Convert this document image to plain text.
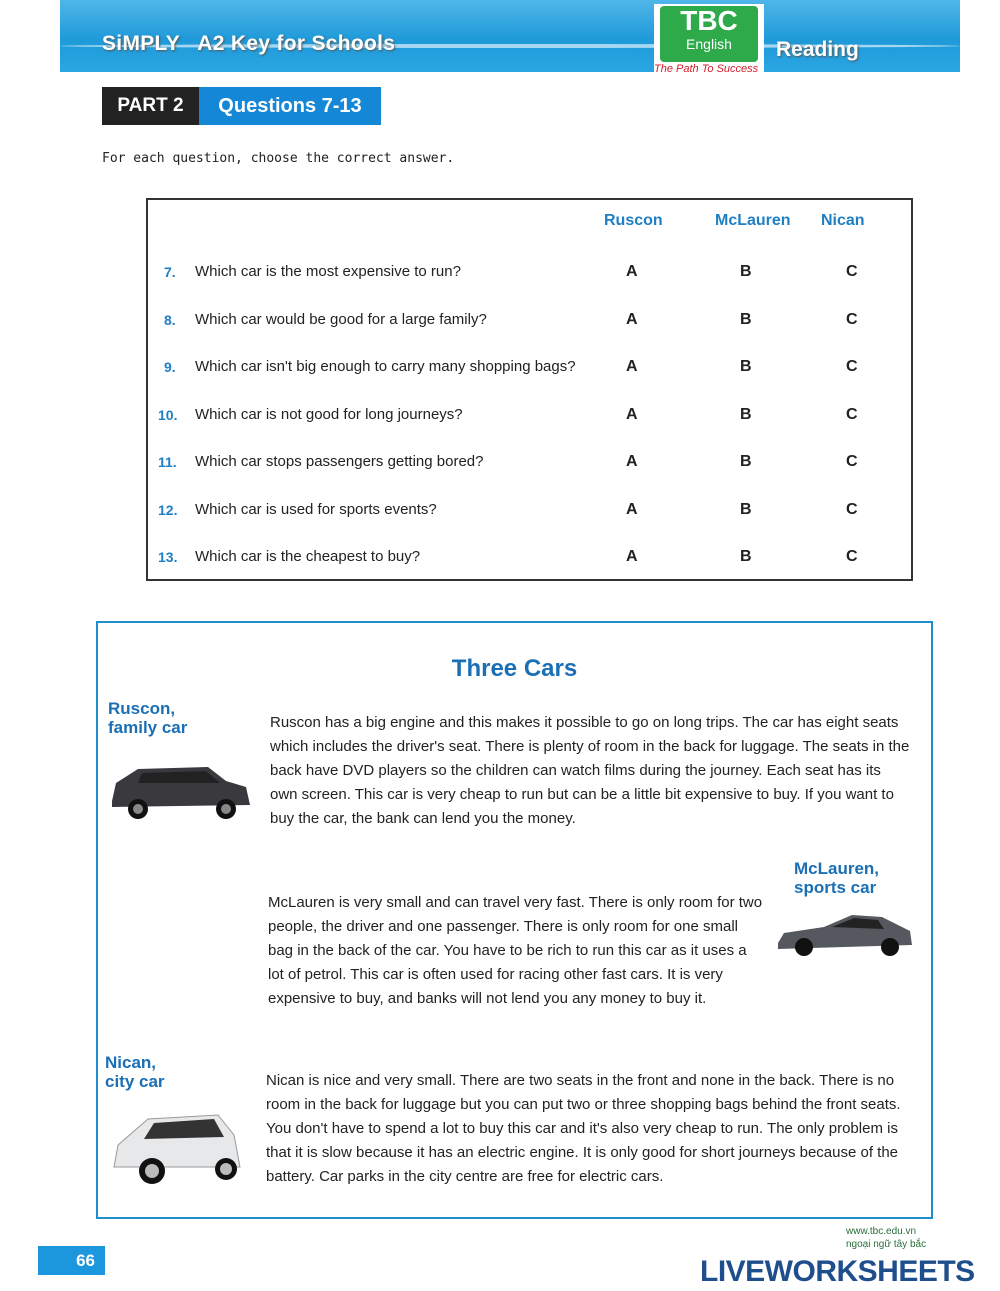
SiMPLY   A2 Key for Schools
TBC
English
The Path To Success
Reading
PART 2	Questions 7-13
For each question, choose the correct answer.
Ruscon	McLauren Nican
7. Which car is the most expensive to run?	A	B	C
8. Which car would be good for a large family?	A	B	C
9. Which car isn't big enough to carry many shopping bags?	A	B	C
10. Which car is not good for long journeys?	A	B	C
11. Which car stops passengers getting bored?	A	B	C
12. Which car is used for sports events?	A	B	C
13. Which car is the cheapest to buy?	A	B	C
Three Cars
Ruscon,
family car	Ruscon has a big engine and this makes it possible to go on long trips. The car has eight seats which includes the driver's seat. There is plenty of room in the back for luggage. The seats in the back have DVD players so the children can watch films during the journey. Each seat has its own screen. This car is very cheap to run but can be a little bit expensive to buy. If you want to buy the car, the bank can lend you the money.
McLauren,
sports car
McLauren is very small and can travel very fast. There is only room for two people, the driver and one passenger. There is only room for one small bag in the back of the car. You have to be rich to run this car as it uses a lot of petrol. This car is often used for racing other fast cars. It is very expensive to buy, and banks will not lend you any money to buy it.
Nican,
city car	Nican is nice and very small. There are two seats in the front and none in the back. There is no room in the back for luggage but you can put two or three shopping bags behind the front seats. You don't have to spend a lot to buy this car and it's also very cheap to run. The only problem is that it is slow because it has an electric engine. It is only good for short journeys because of the battery. Car parks in the city centre are free for electric cars.
66
www.tbc.edu.vn
ngoại ngữ tây bắc
LIVEWORKSHEETS
